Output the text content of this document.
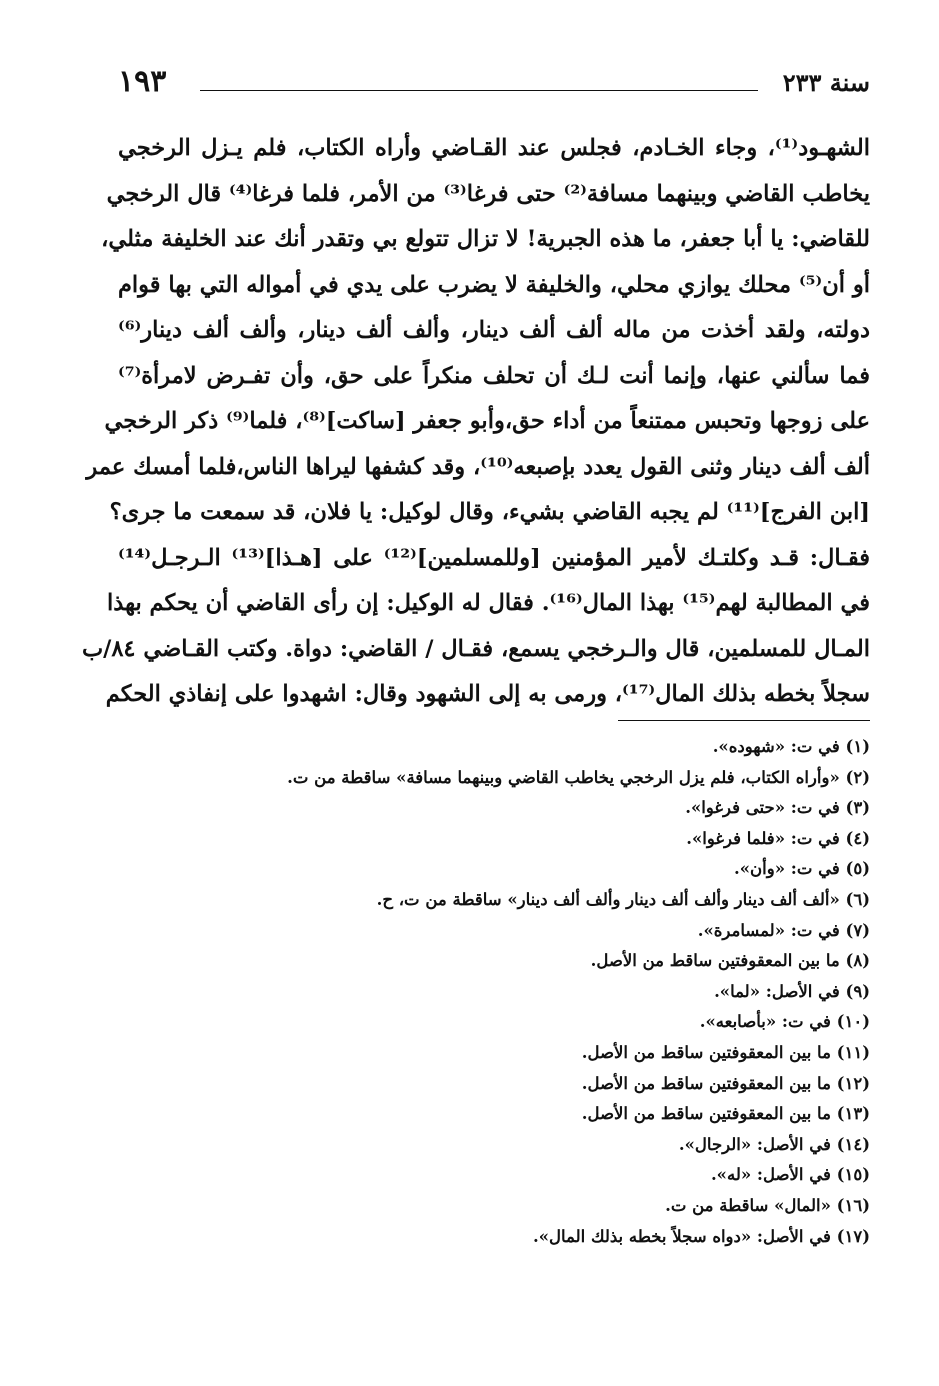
سنة ٢٣٣
١٩٣
الشهـود⁽¹⁾، وجاء الخـادم، فجلس عند القـاضي وأراه الكتاب، فلم يـزل الرخجي
يخاطب القاضي وبينهما مسافة⁽²⁾ حتى فرغا⁽³⁾ من الأمر، فلما فرغا⁽⁴⁾ قال الرخجي
للقاضي: يا أبا جعفر، ما هذه الجبرية! لا تزال تتولع بي وتقدر أنك عند الخليفة مثلي،
أو أن⁽⁵⁾ محلك يوازي محلي، والخليفة لا يضرب على يدي في أمواله التي بها قوام
دولته، ولقد أخذت من ماله ألف ألف دينار، وألف ألف دينار، وألف ألف دينار⁽⁶⁾
فما سألني عنها، وإنما أنت لـك أن تحلف منكراً على حق، وأن تفـرض لامرأة⁽⁷⁾
على زوجها وتحبس ممتنعاً من أداء حق،وأبو جعفر [ساكت]⁽⁸⁾، فلما⁽⁹⁾ ذكر الرخجي
ألف ألف دينار وثنى القول يعدد بإصبعه⁽¹⁰⁾، وقد كشفها ليراها الناس،فلما أمسك عمر
[ابن الفرج]⁽¹¹⁾ لم يجبه القاضي بشيء، وقال لوكيل: يا فلان، قد سمعت ما جرى؟
فقـال: قـد وكلتـك لأمير المؤمنين [وللمسلمين]⁽¹²⁾ على [هـذا]⁽¹³⁾ الـرجـل⁽¹⁴⁾
في المطالبة لهم⁽¹⁵⁾ بهذا المال⁽¹⁶⁾. فقال له الوكيل: إن رأى القاضي أن يحكم بهذا
المـال للمسلمين، قال والـرخجي يسمع، فقـال / القاضي: دواة. وكتب القـاضي ٨٤/ب
سجلاً بخطه بذلك المال⁽¹⁷⁾، ورمى به إلى الشهود وقال: اشهدوا على إنفاذي الحكم
(١) في ت: «شهوده».
(٢) «وأراه الكتاب، فلم يزل الرخجي يخاطب القاضي وبينهما مسافة» ساقطة من ت.
(٣) في ت: «حتى فرغوا».
(٤) في ت: «فلما فرغوا».
(٥) في ت: «وأن».
(٦) «ألف ألف دينار وألف ألف دينار وألف ألف دينار» ساقطة من ت، ح.
(٧) في ت: «لمسامرة».
(٨) ما بين المعقوفتين ساقط من الأصل.
(٩) في الأصل: «لما».
(١٠) في ت: «بأصابعه».
(١١) ما بين المعقوفتين ساقط من الأصل.
(١٢) ما بين المعقوفتين ساقط من الأصل.
(١٣) ما بين المعقوفتين ساقط من الأصل.
(١٤) في الأصل: «الرجال».
(١٥) في الأصل: «له».
(١٦) «المال» ساقطة من ت.
(١٧) في الأصل: «دواه سجلاً بخطه بذلك المال».
